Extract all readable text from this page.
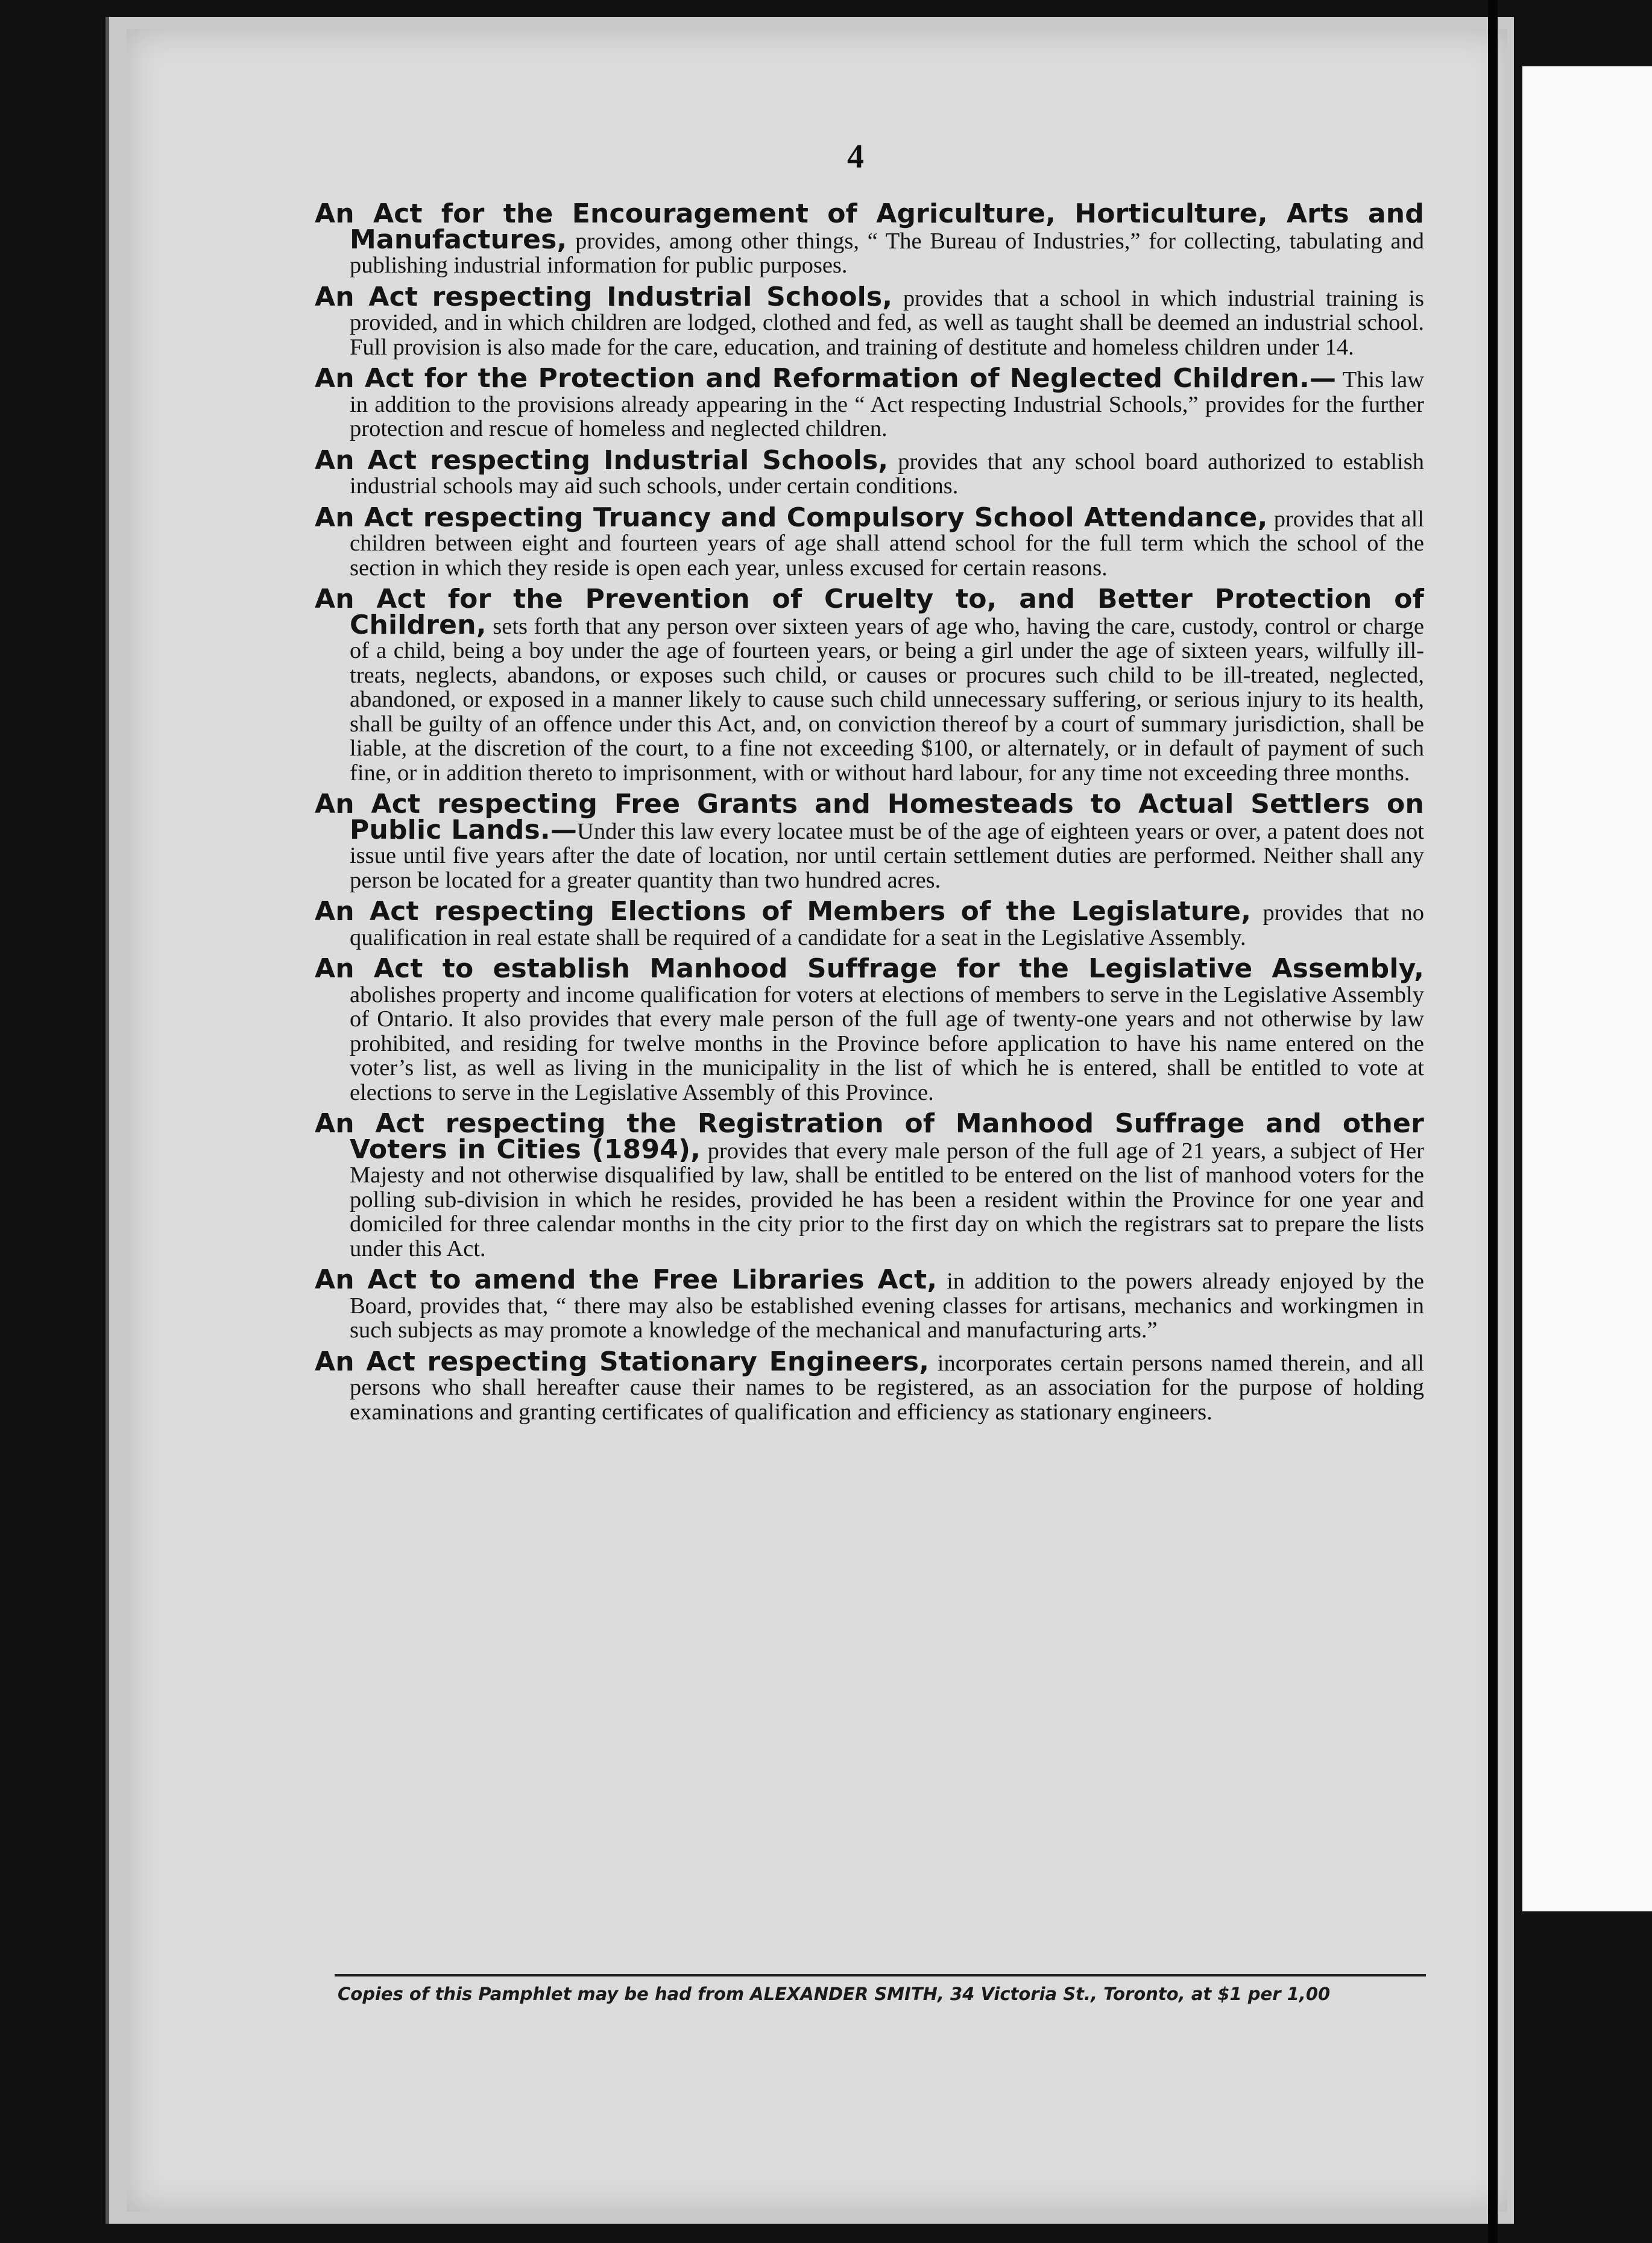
4

An Act for the Encouragement of Agriculture, Horticulture, Arts and Manufactures, provides, among other things, “ The Bureau of Industries,” for collecting, tabulating and publishing industrial information for public purposes.

An Act respecting Industrial Schools, provides that a school in which industrial training is provided, and in which children are lodged, clothed and fed, as well as taught shall be deemed an industrial school. Full provision is also made for the care, education, and training of destitute and homeless children under 14.

An Act for the Protection and Reformation of Neglected Children.— This law in addition to the provisions already appearing in the “ Act respecting Industrial Schools,” provides for the further protection and rescue of homeless and neglected children.

An Act respecting Industrial Schools, provides that any school board authorized to establish industrial schools may aid such schools, under certain conditions.

An Act respecting Truancy and Compulsory School Attendance, provides that all children between eight and fourteen years of age shall attend school for the full term which the school of the section in which they reside is open each year, unless excused for certain reasons.

An Act for the Prevention of Cruelty to, and Better Protection of Children, sets forth that any person over sixteen years of age who, having the care, custody, control or charge of a child, being a boy under the age of fourteen years, or being a girl under the age of sixteen years, wilfully ill-treats, neglects, abandons, or exposes such child, or causes or procures such child to be ill-treated, neglected, abandoned, or exposed in a manner likely to cause such child unnecessary suffering, or serious injury to its health, shall be guilty of an offence under this Act, and, on conviction thereof by a court of summary jurisdiction, shall be liable, at the discretion of the court, to a fine not exceeding $100, or alternately, or in default of payment of such fine, or in addition thereto to imprisonment, with or without hard labour, for any time not exceeding three months.

An Act respecting Free Grants and Homesteads to Actual Settlers on Public Lands.—Under this law every locatee must be of the age of eighteen years or over, a patent does not issue until five years after the date of location, nor until certain settlement duties are performed. Neither shall any person be located for a greater quantity than two hundred acres.

An Act respecting Elections of Members of the Legislature, provides that no qualification in real estate shall be required of a candidate for a seat in the Legislative Assembly.

An Act to establish Manhood Suffrage for the Legislative Assembly, abolishes property and income qualification for voters at elections of members to serve in the Legislative Assembly of Ontario. It also provides that every male person of the full age of twenty-one years and not otherwise by law prohibited, and residing for twelve months in the Province before application to have his name entered on the voter’s list, as well as living in the municipality in the list of which he is entered, shall be entitled to vote at elections to serve in the Legislative Assembly of this Province.

An Act respecting the Registration of Manhood Suffrage and other Voters in Cities (1894), provides that every male person of the full age of 21 years, a subject of Her Majesty and not otherwise disqualified by law, shall be entitled to be entered on the list of manhood voters for the polling sub-division in which he resides, provided he has been a resident within the Province for one year and domiciled for three calendar months in the city prior to the first day on which the registrars sat to prepare the lists under this Act.

An Act to amend the Free Libraries Act, in addition to the powers already enjoyed by the Board, provides that, “ there may also be established evening classes for artisans, mechanics and workingmen in such subjects as may promote a knowledge of the mechanical and manufacturing arts.”

An Act respecting Stationary Engineers, incorporates certain persons named therein, and all persons who shall hereafter cause their names to be registered, as an association for the purpose of holding examinations and granting certificates of qualification and efficiency as stationary engineers.

Copies of this Pamphlet may be had from ALEXANDER SMITH, 34 Victoria St., Toronto, at $1 per 1,00
